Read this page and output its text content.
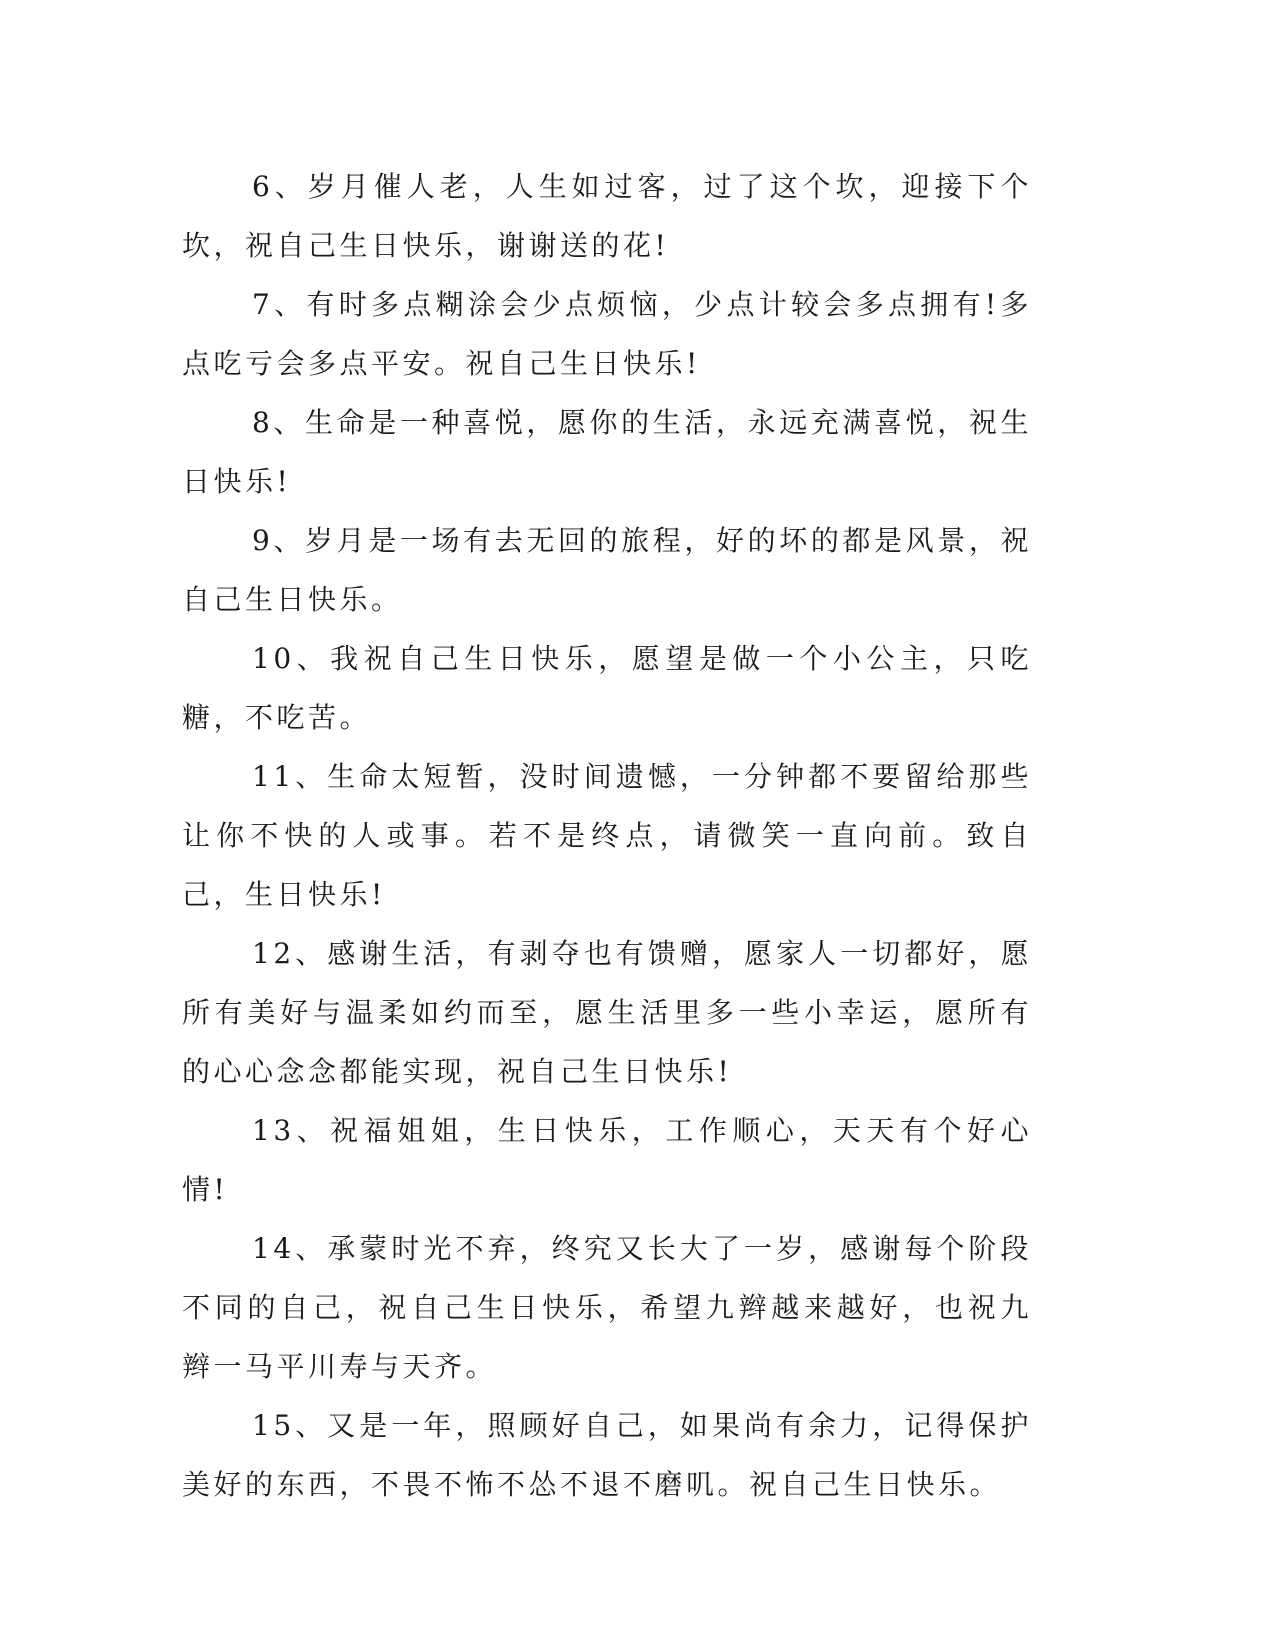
6、岁月催人老，人生如过客，过了这个坎，迎接下个坎，祝自己生日快乐，谢谢送的花!

7、有时多点糊涂会少点烦恼，少点计较会多点拥有!多点吃亏会多点平安。祝自己生日快乐!

8、生命是一种喜悦，愿你的生活，永远充满喜悦，祝生日快乐!

9、岁月是一场有去无回的旅程，好的坏的都是风景，祝自己生日快乐。

10、我祝自己生日快乐，愿望是做一个小公主，只吃糖，不吃苦。

11、生命太短暂，没时间遗憾，一分钟都不要留给那些让你不快的人或事。若不是终点，请微笑一直向前。致自己，生日快乐!

12、感谢生活，有剥夺也有馈赠，愿家人一切都好，愿所有美好与温柔如约而至，愿生活里多一些小幸运，愿所有的心心念念都能实现，祝自己生日快乐!

13、祝福姐姐，生日快乐，工作顺心，天天有个好心情!

14、承蒙时光不弃，终究又长大了一岁，感谢每个阶段不同的自己，祝自己生日快乐，希望九辫越来越好，也祝九辫一马平川寿与天齐。

15、又是一年，照顾好自己，如果尚有余力，记得保护美好的东西，不畏不怖不怂不退不磨叽。祝自己生日快乐。
